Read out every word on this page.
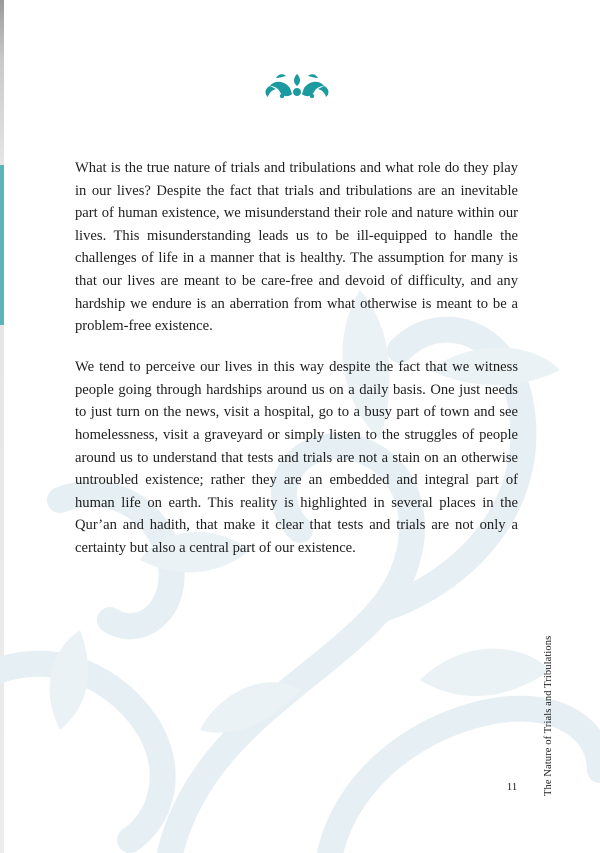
What is the true nature of trials and tribulations and what role do they play in our lives? Despite the fact that trials and tribulations are an inevitable part of human existence, we misunderstand their role and nature within our lives. This misunderstanding leads us to be ill-equipped to handle the challenges of life in a manner that is healthy. The assumption for many is that our lives are meant to be care-free and devoid of difficulty, and any hardship we endure is an aberration from what otherwise is meant to be a problem-free existence.

We tend to perceive our lives in this way despite the fact that we witness people going through hardships around us on a daily basis. One just needs to just turn on the news, visit a hospital, go to a busy part of town and see homelessness, visit a graveyard or simply listen to the struggles of people around us to understand that tests and trials are not a stain on an otherwise untroubled existence; rather they are an embedded and integral part of human life on earth. This reality is highlighted in several places in the Qur’an and hadith, that make it clear that tests and trials are not only a certainty but also a central part of our existence.

The Nature of Trials and Tribulations
11
